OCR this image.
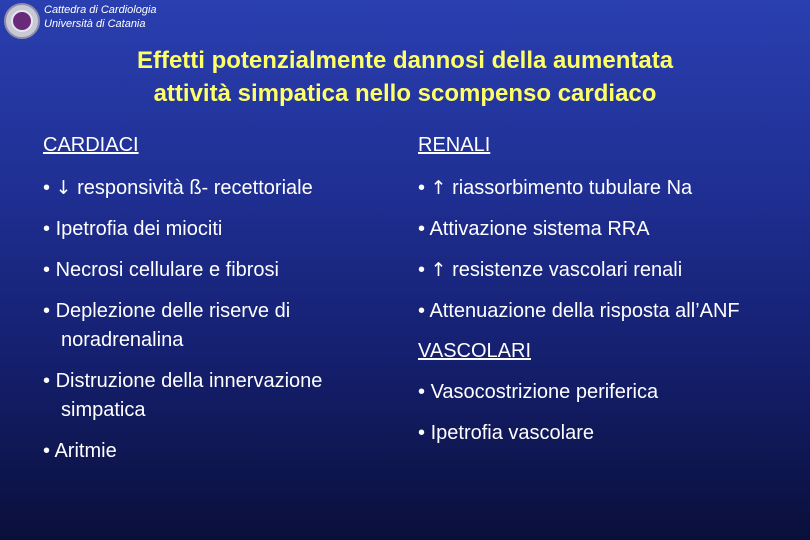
Cattedra di Cardiologia
Università di Catania
Effetti potenzialmente dannosi della aumentata
attività simpatica nello scompenso cardiaco
CARDIACI
• ↓ responsività ß- recettoriale
• Ipetrofia dei miociti
• Necrosi cellulare e fibrosi
• Deplezione delle riserve di noradrenalina
• Distruzione della innervazione simpatica
• Aritmie
RENALI
• ↑ riassorbimento tubulare Na
• Attivazione sistema RRA
• ↑ resistenze vascolari renali
• Attenuazione della risposta all’ANF
VASCOLARI
• Vasocostrizione periferica
• Ipetrofia vascolare
